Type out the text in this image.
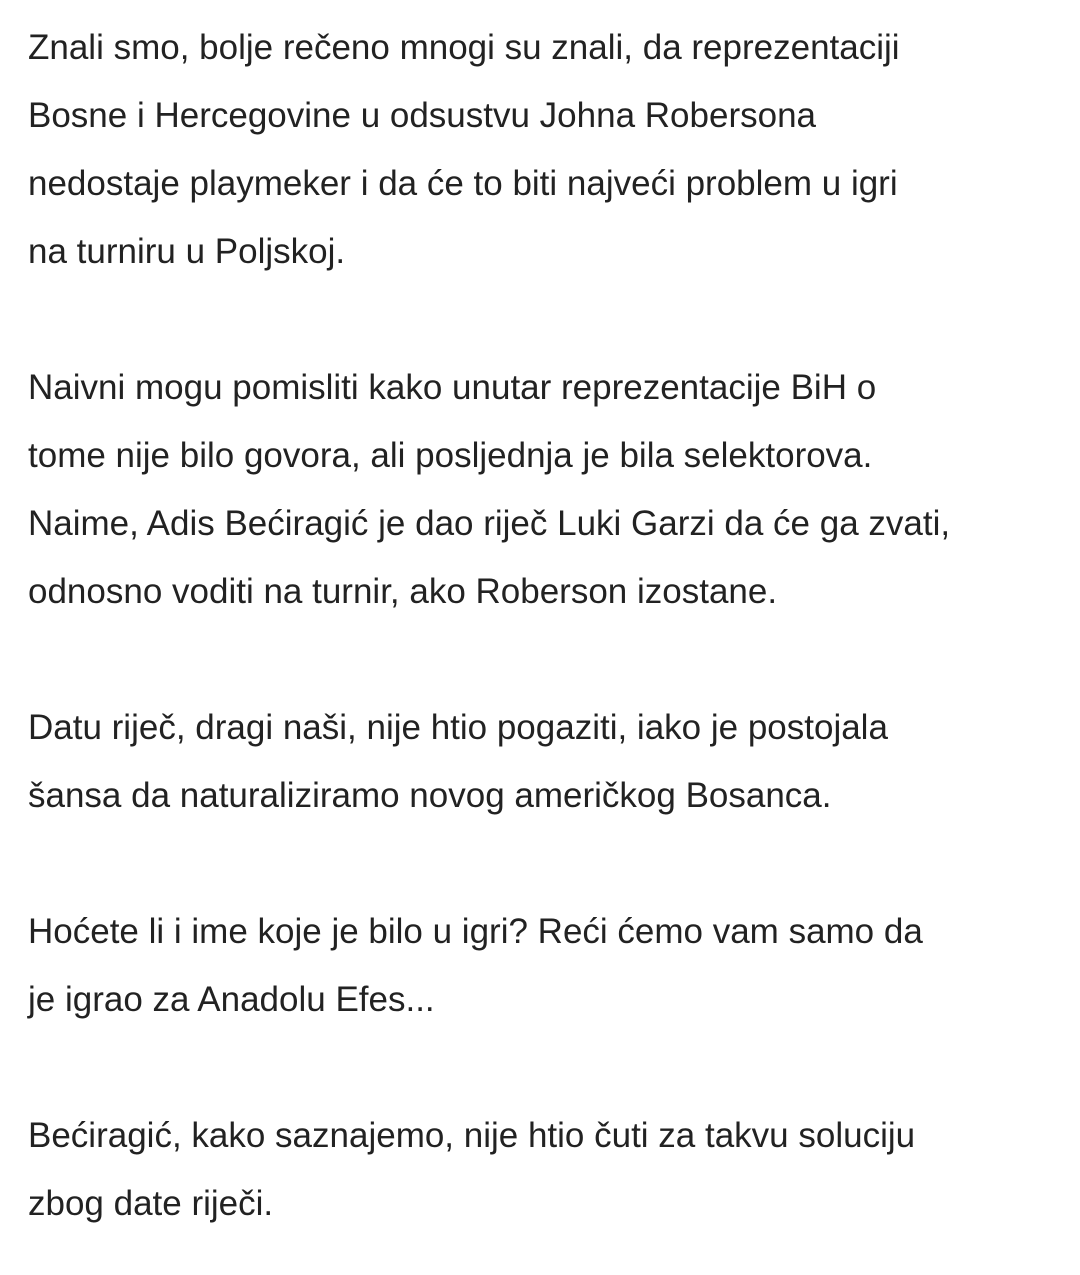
Znali smo, bolje rečeno mnogi su znali, da reprezentaciji
Bosne i Hercegovine u odsustvu Johna Robersona
nedostaje playmeker i da će to biti najveći problem u igri
na turniru u Poljskoj.

Naivni mogu pomisliti kako unutar reprezentacije BiH o
tome nije bilo govora, ali posljednja je bila selektorova.
Naime, Adis Bećiragić je dao riječ Luki Garzi da će ga zvati,
odnosno voditi na turnir, ako Roberson izostane.

Datu riječ, dragi naši, nije htio pogaziti, iako je postojala
šansa da naturaliziramo novog američkog Bosanca.

Hoćete li i ime koje je bilo u igri? Reći ćemo vam samo da
je igrao za Anadolu Efes...

Bećiragić, kako saznajemo, nije htio čuti za takvu soluciju
zbog date riječi.
